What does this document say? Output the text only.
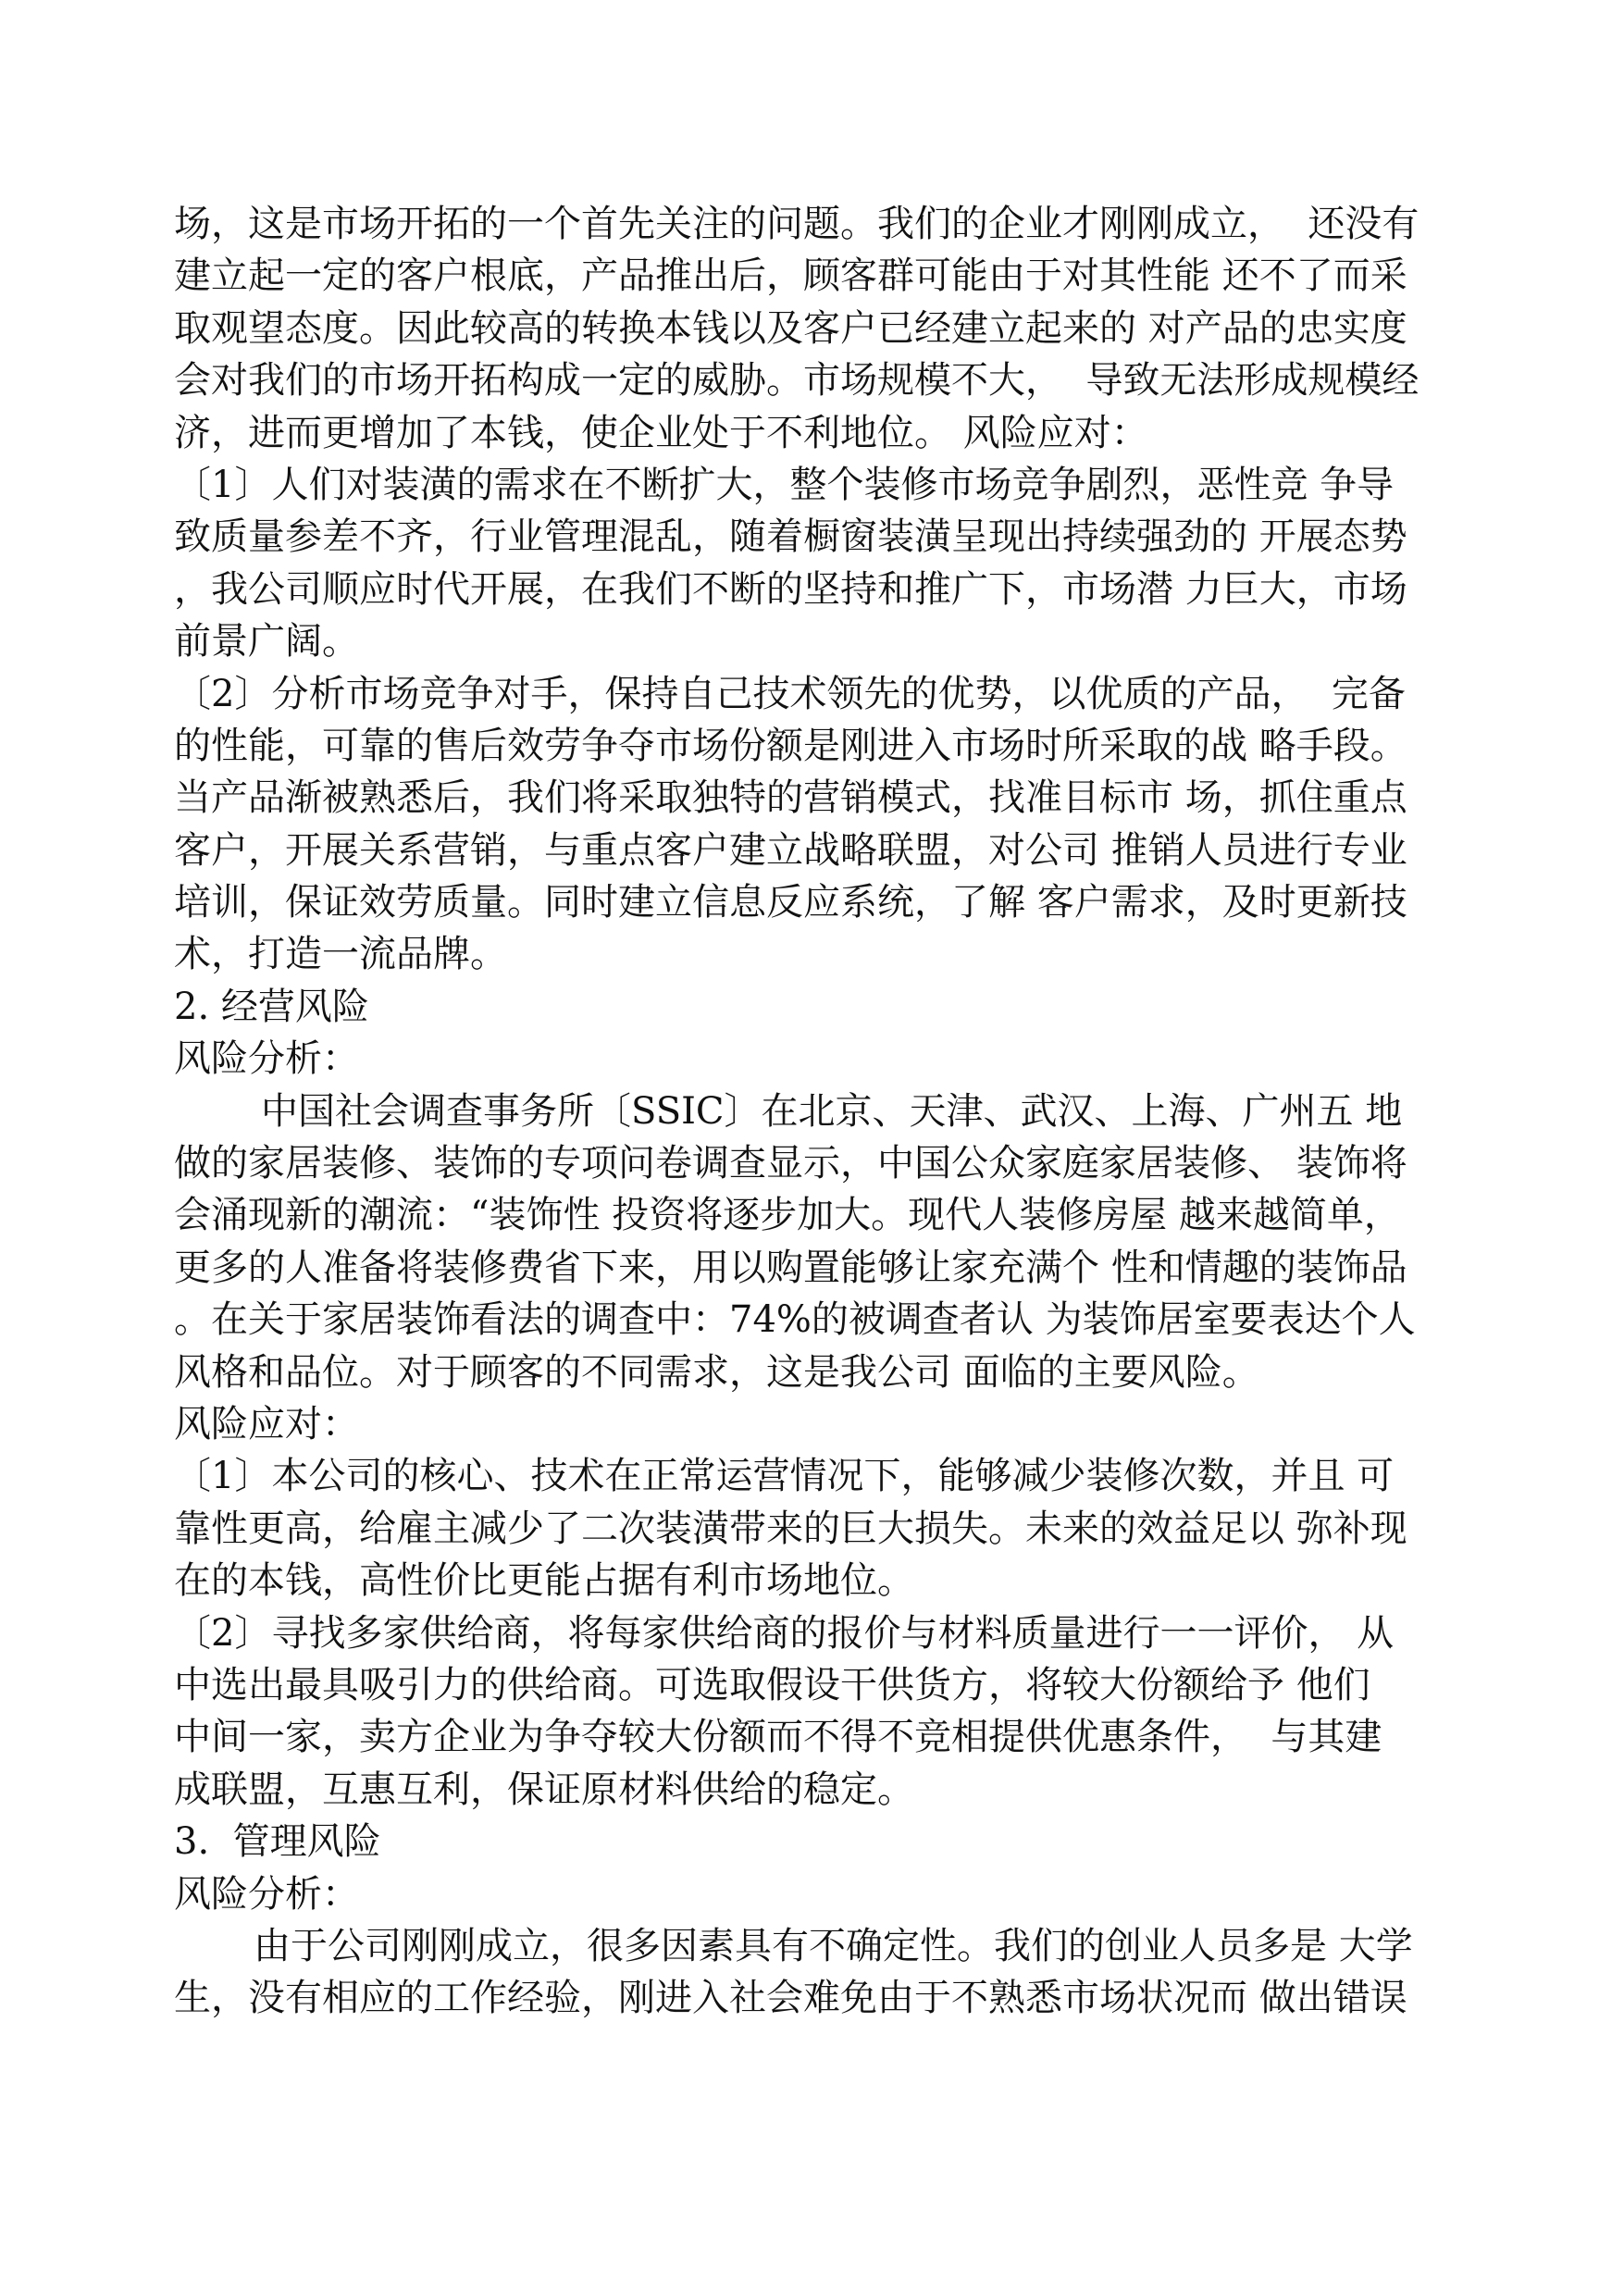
场，这是市场开拓的一个首先关注的问题。我们的企业才刚刚成立，  还没有
建立起一定的客户根底，产品推出后，顾客群可能由于对其性能 还不了而采
取观望态度。因此较高的转换本钱以及客户已经建立起来的 对产品的忠实度
会对我们的市场开拓构成一定的威胁。市场规模不大，  导致无法形成规模经
济，进而更增加了本钱，使企业处于不利地位。 风险应对：
〔1〕人们对装潢的需求在不断扩大，整个装修市场竞争剧烈，恶性竞 争导
致质量参差不齐，行业管理混乱，随着橱窗装潢呈现出持续强劲的 开展态势
，我公司顺应时代开展，在我们不断的坚持和推广下，市场潜 力巨大，市场
前景广阔。
〔2〕分析市场竞争对手，保持自己技术领先的优势，以优质的产品，  完备
的性能，可靠的售后效劳争夺市场份额是刚进入市场时所采取的战 略手段。
当产品渐被熟悉后，我们将采取独特的营销模式，找准目标市 场，抓住重点
客户，开展关系营销，与重点客户建立战略联盟，对公司 推销人员进行专业
培训，保证效劳质量。同时建立信息反应系统，了解 客户需求，及时更新技
术，打造一流品牌。
2. 经营风险
风险分析：
中国社会调查事务所〔SSIC〕在北京、天津、武汉、上海、广州五 地
做的家居装修、装饰的专项问卷调查显示，中国公众家庭家居装修、 装饰将
会涌现新的潮流：“装饰性 投资将逐步加大。现代人装修房屋 越来越简单，
更多的人准备将装修费省下来，用以购置能够让家充满个 性和情趣的装饰品
。在关于家居装饰看法的调查中：74%的被调查者认 为装饰居室要表达个人
风格和品位。对于顾客的不同需求，这是我公司 面临的主要风险。
风险应对：
〔1〕本公司的核心、技术在正常运营情况下，能够减少装修次数，并且 可
靠性更高，给雇主减少了二次装潢带来的巨大损失。未来的效益足以 弥补现
在的本钱，高性价比更能占据有利市场地位。
〔2〕寻找多家供给商，将每家供给商的报价与材料质量进行一一评价， 从
中选出最具吸引力的供给商。可选取假设干供货方，将较大份额给予 他们
中间一家，卖方企业为争夺较大份额而不得不竞相提供优惠条件，  与其建
成联盟，互惠互利，保证原材料供给的稳定。
3.  管理风险
风险分析：
由于公司刚刚成立，很多因素具有不确定性。我们的创业人员多是 大学
生，没有相应的工作经验，刚进入社会难免由于不熟悉市场状况而 做出错误
